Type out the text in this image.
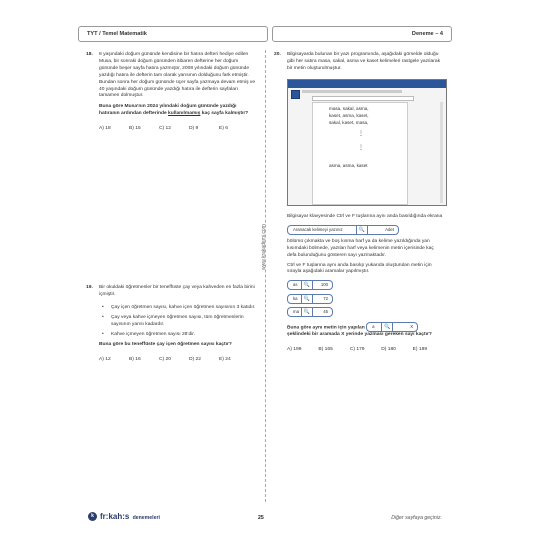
TYT / Temel Matematik	Deneme – 4
www.krakademi.com
18. 8 yaşındaki doğum gününde kendisine bir hatıra defteri hediye edilen Musa, bir sonraki doğum gününden itibaren defterine her doğum gününde beşer sayfa hatıra yazmıştır, 2008 yılındaki doğum gününde yazdığı hatıra ile defterin tam olarak yarısının dolduğunu fark etmiştir. Bundan sonra her doğum gününde üçer sayfa yazmaya devam etmiş ve 40 yaşındaki doğum gününde yazdığı hatıra ile defterin sayfaları tamamen dolmuştur.
Buna göre Musa’nın 2024 yılındaki doğum gününde yazdığı hatıranın ardından defterinde kullanılmamış kaç sayfa kalmıştır?
A) 18	B) 15	C) 12	D) 9	E) 6
19. Bir okuldaki öğretmenler bir teneffüste çay veya kahveden en fazla birini içmiştir.
• Çay içen öğretmen sayısı, kahve içen öğretmen sayısının 3 katıdır.
• Çay veya kahve içmeyen öğretmen sayısı, tüm öğretmenlerin sayısının yarısı kadardır.
• Kahve içmeyen öğretmen sayısı 28’dir.
Buna göre bu teneffüste çay içen öğretmen sayısı kaçtır?
A) 12	B) 16	C) 20	D) 22	E) 24
20. Bilgisayarda bulunan bir yazı programında, aşağıdaki görselde olduğu gibi her satıra masa, sakal, asma ve kaset kelimeleri rastgele yazılarak bir metin oluşturulmuştur.
masa, sakal, asma,
kaset, asma, kaset,
sakal, kaset, masa,
⋮
⋮
asma, asma, kaset
Bilgisayar klavyesinde Ctrl ve F tuşlarına aynı anda basıldığında ekrana
Aranacak kelimeyi yazınız	🔍	Adet
bölümü çıkmakta ve boş kısma harf ya da kelime yazıldığında yan kısımdaki bölmede, yazılan harf veya kelimenin metin içerisinde kaç defa bulunduğunu gösteren sayı yazmaktadır.
Ctrl ve F tuşlarına aynı anda basılıp yukarıda oluşturulan metin için sırayla aşağıdaki aramalar yapılmıştır.
as	🔍	100
ka	🔍	72
ma 🔍	45
Buna göre aynı metin için yapılan a	🔍	X
şeklindeki bir aramada X yerinde yazması gereken sayı kaçtır?
A) 199	B) 165	C) 179	D) 180	E) 189
k fr:kah:s denemeleri	25	Diğer sayfaya geçiniz.
